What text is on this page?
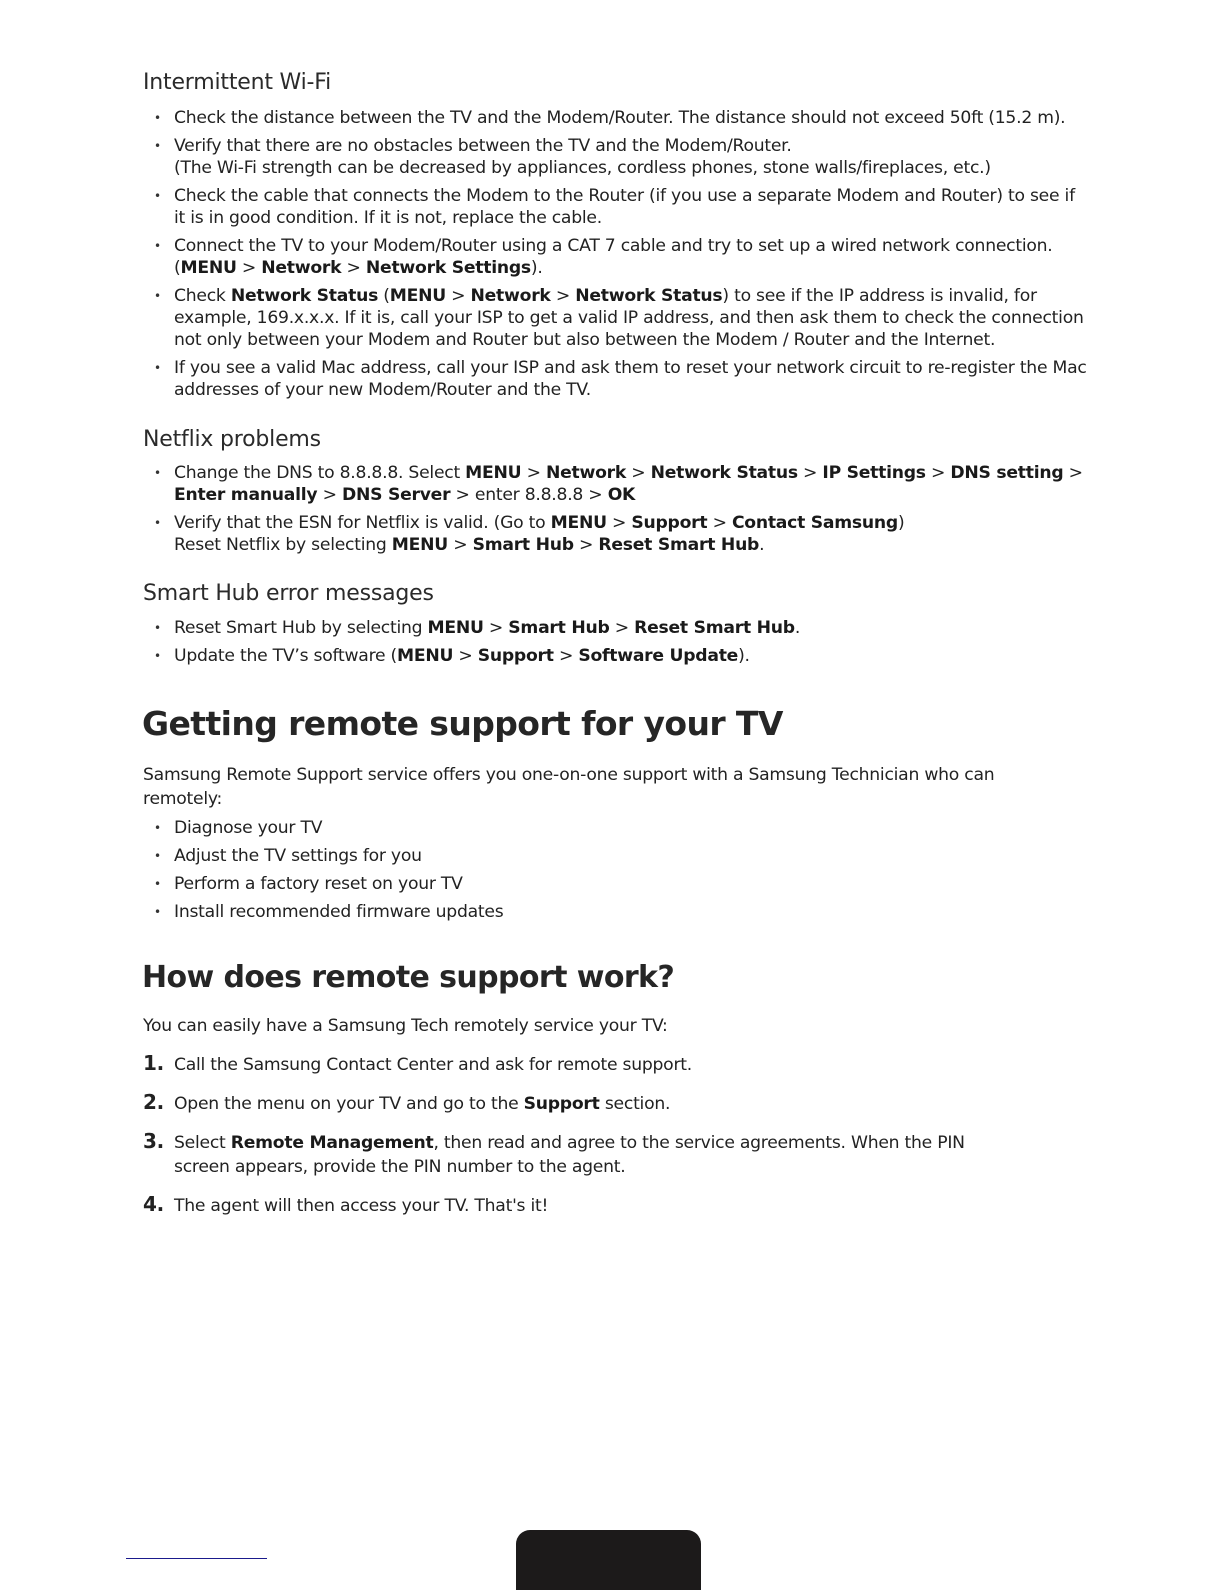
Intermittent Wi-Fi
• Check the distance between the TV and the Modem/Router. The distance should not exceed 50ft (15.2 m).
• Verify that there are no obstacles between the TV and the Modem/Router.
(The Wi-Fi strength can be decreased by appliances, cordless phones, stone walls/fireplaces, etc.)
• Check the cable that connects the Modem to the Router (if you use a separate Modem and Router) to see if it is in good condition. If it is not, replace the cable.
• Connect the TV to your Modem/Router using a CAT 7 cable and try to set up a wired network connection. (MENU > Network > Network Settings).
• Check Network Status (MENU > Network > Network Status) to see if the IP address is invalid, for example, 169.x.x.x. If it is, call your ISP to get a valid IP address, and then ask them to check the connection not only between your Modem and Router but also between the Modem / Router and the Internet.
• If you see a valid Mac address, call your ISP and ask them to reset your network circuit to re-register the Mac addresses of your new Modem/Router and the TV.
Netflix problems
• Change the DNS to 8.8.8.8. Select MENU > Network > Network Status > IP Settings > DNS setting > Enter manually > DNS Server > enter 8.8.8.8 > OK
• Verify that the ESN for Netflix is valid. (Go to MENU > Support > Contact Samsung)
Reset Netflix by selecting MENU > Smart Hub > Reset Smart Hub.
Smart Hub error messages
• Reset Smart Hub by selecting MENU > Smart Hub > Reset Smart Hub.
• Update the TV’s software (MENU > Support > Software Update).
Getting remote support for your TV

Samsung Remote Support service offers you one-on-one support with a Samsung Technician who can remotely:

• Diagnose your TV
• Adjust the TV settings for you
• Perform a factory reset on your TV
• Install recommended firmware updates
How does remote support work?

You can easily have a Samsung Tech remotely service your TV:

1. Call the Samsung Contact Center and ask for remote support.
2. Open the menu on your TV and go to the Support section.
3. Select Remote Management, then read and agree to the service agreements. When the PIN screen appears, provide the PIN number to the agent.
4. The agent will then access your TV. That's it!
